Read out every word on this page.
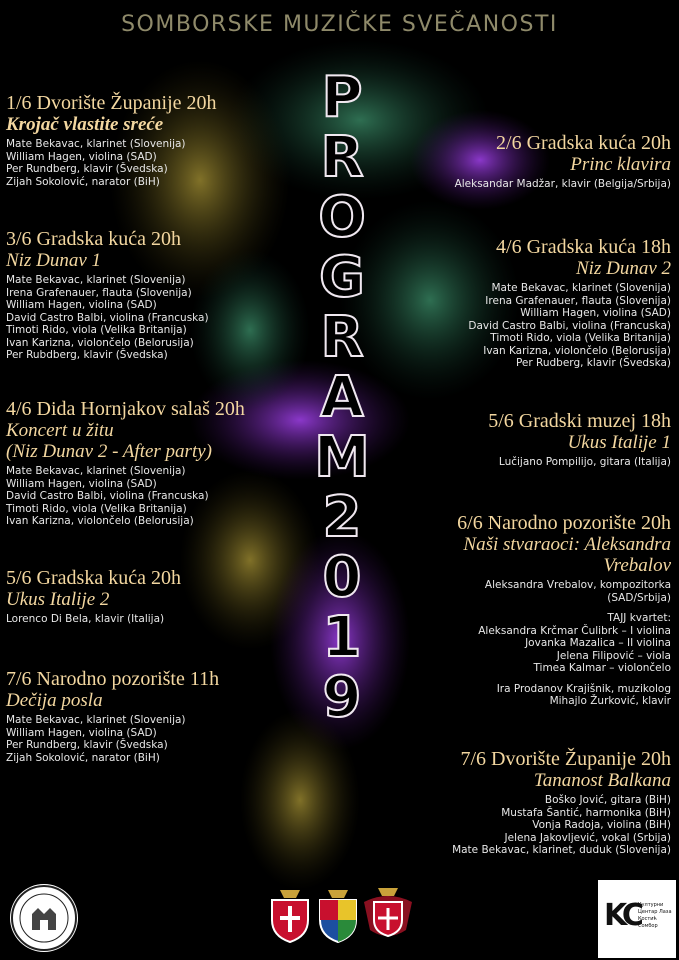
SOMBORSKE MUZIČKE SVEČANOSTI
P
R
O
G
R
A
M
2
0
1
9
1/6 Dvorište Županije 20h
Krojač vlastite sreće
Mate Bekavac, klarinet (Slovenija)
William Hagen, violina (SAD)
Per Rundberg, klavir (Švedska)
Zijah Sokolović, narator (BiH)
3/6 Gradska kuća 20h
Niz Dunav 1
Mate Bekavac, klarinet (Slovenija)
Irena Grafenauer, flauta (Slovenija)
William Hagen, violina (SAD)
David Castro Balbi, violina (Francuska)
Timoti Rido, viola (Velika Britanija)
Ivan Karizna, violončelo (Belorusija)
Per Rubdberg, klavir (Švedska)
4/6 Dida Hornjakov salaš 20h
Koncert u žitu
(Niz Dunav 2 - After party)
Mate Bekavac, klarinet (Slovenija)
William Hagen, violina (SAD)
David Castro Balbi, violina (Francuska)
Timoti Rido, viola (Velika Britanija)
Ivan Karizna, violončelo (Belorusija)
5/6 Gradska kuća 20h
Ukus Italije 2
Lorenco Di Bela, klavir (Italija)
7/6 Narodno pozorište 11h
Dečija posla
Mate Bekavac, klarinet (Slovenija)
William Hagen, violina (SAD)
Per Rundberg, klavir (Švedska)
Zijah Sokolović, narator (BiH)
2/6 Gradska kuća 20h
Princ klavira
Aleksandar Madžar, klavir (Belgija/Srbija)
4/6 Gradska kuća 18h
Niz Dunav 2
Mate Bekavac, klarinet (Slovenija)
Irena Grafenauer, flauta (Slovenija)
William Hagen, violina (SAD)
David Castro Balbi, violina (Francuska)
Timoti Rido, viola (Velika Britanija)
Ivan Karizna, violončelo (Belorusija)
Per Rudberg, klavir (Švedska)
5/6 Gradski muzej 18h
Ukus Italije 1
Lučijano Pompilijo, gitara (Italija)
6/6 Narodno pozorište 20h
Naši stvaraoci: Aleksandra
Vrebalov
Aleksandra Vrebalov, kompozitorka
(SAD/Srbija)
TAJJ kvartet:
Aleksandra Krčmar Čulibrk – I violina
Jovanka Mazalica – II violina
Jelena Filipović – viola
Timea Kalmar – violončelo
Ira Prodanov Krajišnik, muzikolog
Mihajlo Žurković, klavir
7/6 Dvorište Županije 20h
Tananost Balkana
Boško Jović, gitara (BiH)
Mustafa Šantić, harmonika (BiH)
Vonja Radoja, violina (BiH)
Jelena Jakovljević, vokal (Srbija)
Mate Bekavac, klarinet, duduk (Slovenija)
KC
Културни Центар Лаза Костић Сомбор
